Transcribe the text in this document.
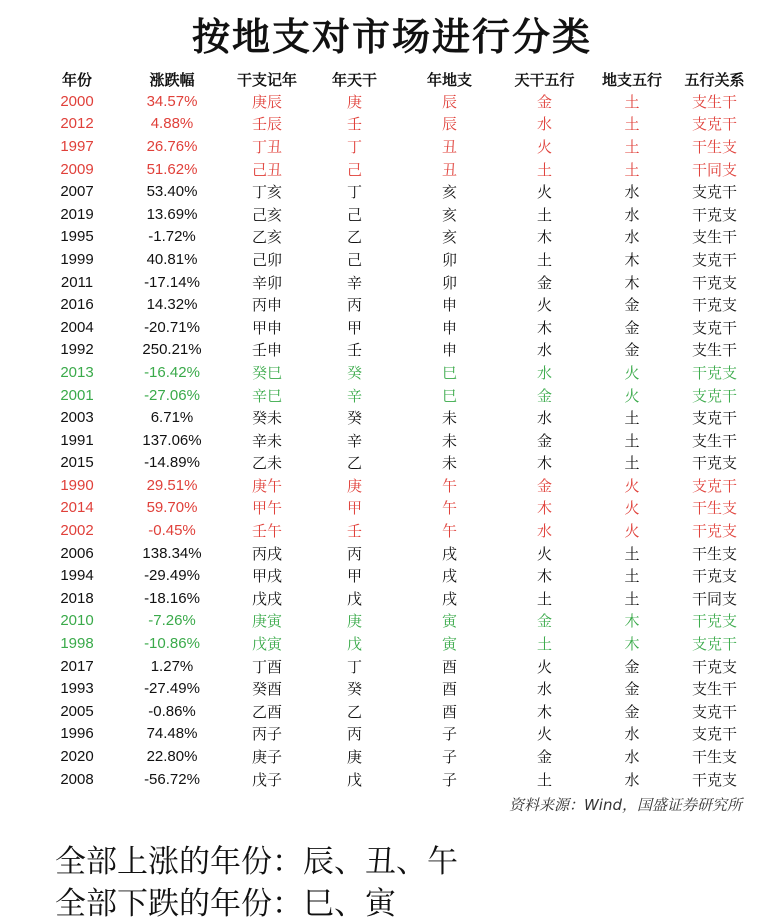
按地支对市场进行分类
年份	涨跌幅	干支记年	年天干	年地支	天干五行	地支五行	五行关系
2000	34.57%	庚辰	庚	辰	金	土	支生干
2012	4.88%	壬辰	壬	辰	水	土	支克干
1997	26.76%	丁丑	丁	丑	火	土	干生支
2009	51.62%	己丑	己	丑	土	土	干同支
2007	53.40%	丁亥	丁	亥	火	水	支克干
2019	13.69%	己亥	己	亥	土	水	干克支
1995	-1.72%	乙亥	乙	亥	木	水	支生干
1999	40.81%	己卯	己	卯	土	木	支克干
2011	-17.14%	辛卯	辛	卯	金	木	干克支
2016	14.32%	丙申	丙	申	火	金	干克支
2004	-20.71%	甲申	甲	申	木	金	支克干
1992	250.21%	壬申	壬	申	水	金	支生干
2013	-16.42%	癸巳	癸	巳	水	火	干克支
2001	-27.06%	辛巳	辛	巳	金	火	支克干
2003	6.71%	癸未	癸	未	水	土	支克干
1991	137.06%	辛未	辛	未	金	土	支生干
2015	-14.89%	乙未	乙	未	木	土	干克支
1990	29.51%	庚午	庚	午	金	火	支克干
2014	59.70%	甲午	甲	午	木	火	干生支
2002	-0.45%	壬午	壬	午	水	火	干克支
2006	138.34%	丙戌	丙	戌	火	土	干生支
1994	-29.49%	甲戌	甲	戌	木	土	干克支
2018	-18.16%	戊戌	戊	戌	土	土	干同支
2010	-7.26%	庚寅	庚	寅	金	木	干克支
1998	-10.86%	戊寅	戊	寅	土	木	支克干
2017	1.27%	丁酉	丁	酉	火	金	干克支
1993	-27.49%	癸酉	癸	酉	水	金	支生干
2005	-0.86%	乙酉	乙	酉	木	金	支克干
1996	74.48%	丙子	丙	子	火	水	支克干
2020	22.80%	庚子	庚	子	金	水	干生支
2008	-56.72%	戊子	戊	子	土	水	干克支
资料来源：Wind，国盛证券研究所
全部上涨的年份：辰、丑、午
全部下跌的年份：巳、寅
